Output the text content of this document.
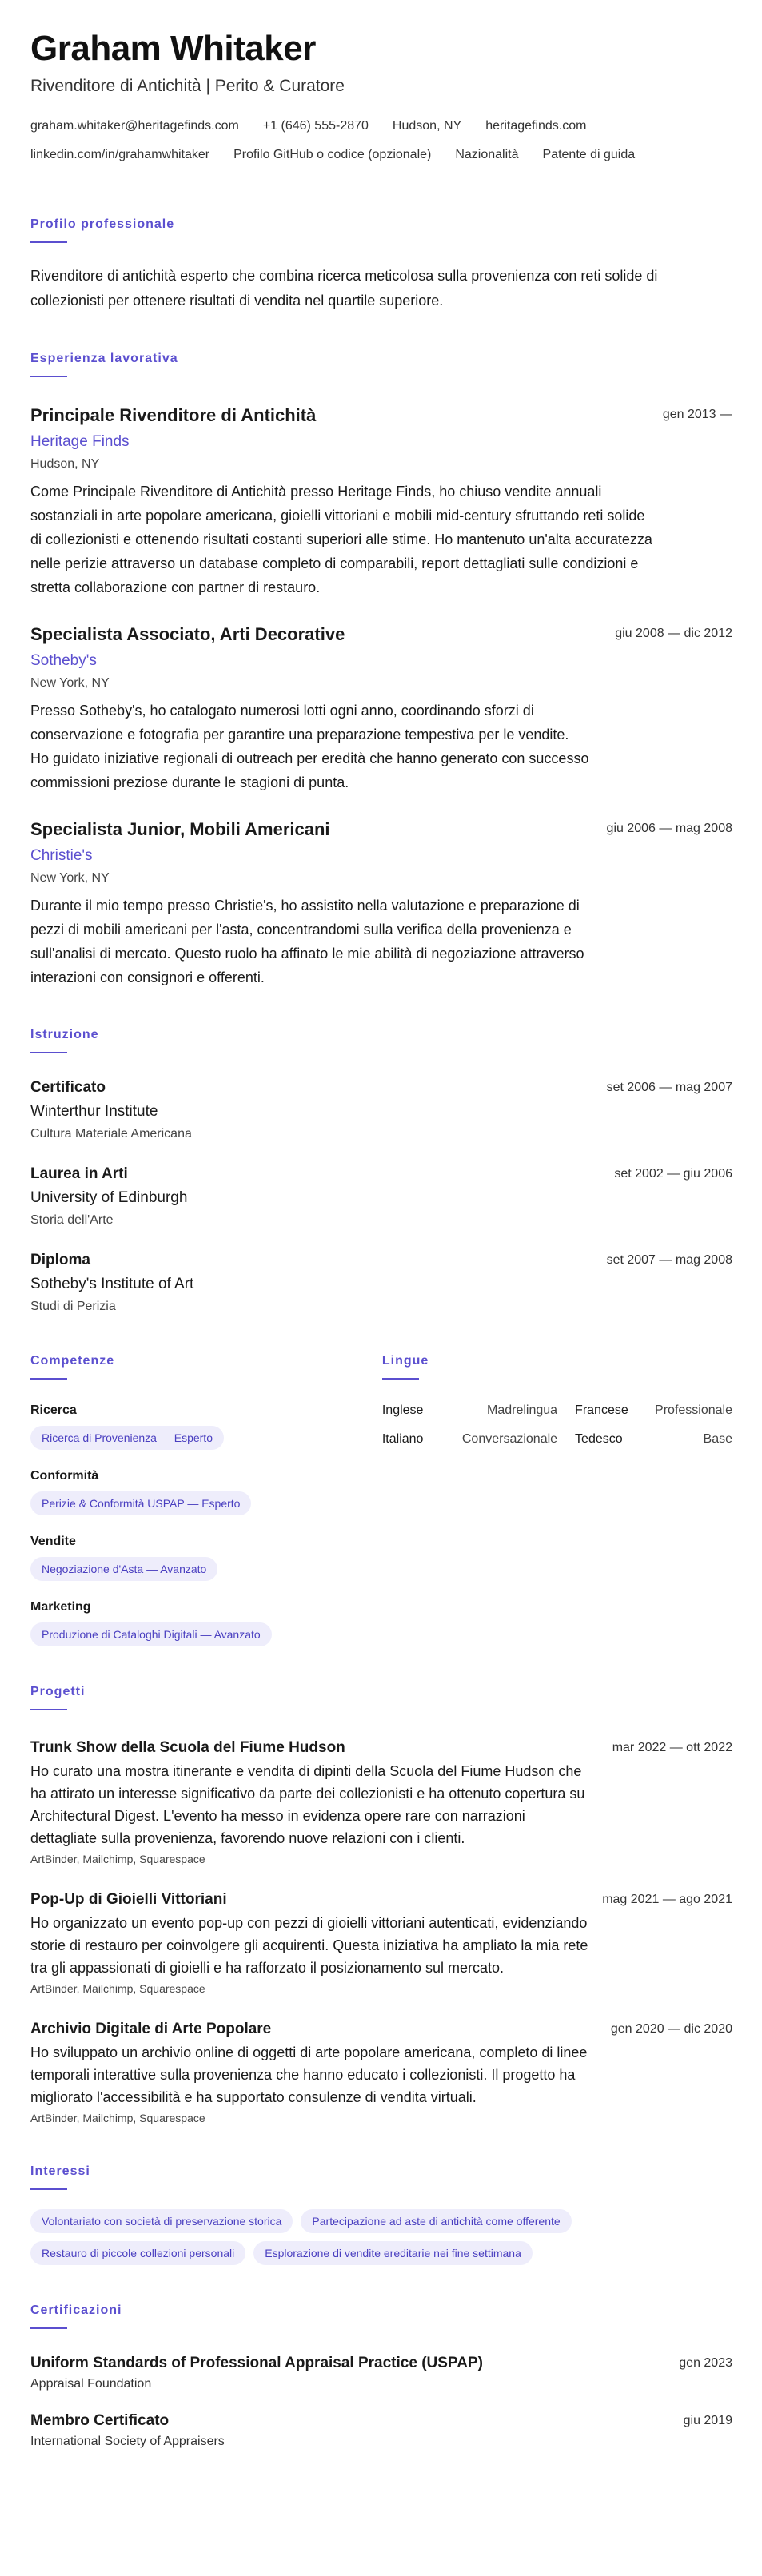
Graham Whitaker
Rivenditore di Antichità | Perito & Curatore
graham.whitaker@heritagefinds.com +1 (646) 555-2870 Hudson, NY heritagefinds.com
linkedin.com/in/grahamwhitaker Profilo GitHub o codice (opzionale) Nazionalità Patente di guida
Profilo professionale
Rivenditore di antichità esperto che combina ricerca meticolosa sulla provenienza con reti solide di collezionisti per ottenere risultati di vendita nel quartile superiore.
Esperienza lavorativa
Principale Rivenditore di Antichità	gen 2013 —
Heritage Finds
Hudson, NY
Come Principale Rivenditore di Antichità presso Heritage Finds, ho chiuso vendite annuali sostanziali in arte popolare americana, gioielli vittoriani e mobili mid-century sfruttando reti solide di collezionisti e ottenendo risultati costanti superiori alle stime. Ho mantenuto un'alta accuratezza nelle perizie attraverso un database completo di comparabili, report dettagliati sulle condizioni e stretta collaborazione con partner di restauro.
Specialista Associato, Arti Decorative	giu 2008 — dic 2012
Sotheby's
New York, NY
Presso Sotheby's, ho catalogato numerosi lotti ogni anno, coordinando sforzi di conservazione e fotografia per garantire una preparazione tempestiva per le vendite. Ho guidato iniziative regionali di outreach per eredità che hanno generato con successo commissioni preziose durante le stagioni di punta.
Specialista Junior, Mobili Americani	giu 2006 — mag 2008
Christie's
New York, NY
Durante il mio tempo presso Christie's, ho assistito nella valutazione e preparazione di pezzi di mobili americani per l'asta, concentrandomi sulla verifica della provenienza e sull'analisi di mercato. Questo ruolo ha affinato le mie abilità di negoziazione attraverso interazioni con consignori e offerenti.
Istruzione
Certificato	set 2006 — mag 2007
Winterthur Institute
Cultura Materiale Americana
Laurea in Arti	set 2002 — giu 2006
University of Edinburgh
Storia dell'Arte
Diploma	set 2007 — mag 2008
Sotheby's Institute of Art
Studi di Perizia
Competenze
Ricerca
Ricerca di Provenienza — Esperto
Conformità
Perizie & Conformità USPAP — Esperto
Vendite
Negoziazione d'Asta — Avanzato
Marketing
Produzione di Cataloghi Digitali — Avanzato
Lingue
Inglese	Madrelingua	Francese	Professionale
Italiano	Conversazionale	Tedesco	Base
Progetti
Trunk Show della Scuola del Fiume Hudson	mar 2022 — ott 2022
Ho curato una mostra itinerante e vendita di dipinti della Scuola del Fiume Hudson che ha attirato un interesse significativo da parte dei collezionisti e ha ottenuto copertura su Architectural Digest. L'evento ha messo in evidenza opere rare con narrazioni dettagliate sulla provenienza, favorendo nuove relazioni con i clienti.
ArtBinder, Mailchimp, Squarespace
Pop-Up di Gioielli Vittoriani	mag 2021 — ago 2021
Ho organizzato un evento pop-up con pezzi di gioielli vittoriani autenticati, evidenziando storie di restauro per coinvolgere gli acquirenti. Questa iniziativa ha ampliato la mia rete tra gli appassionati di gioielli e ha rafforzato il posizionamento sul mercato.
ArtBinder, Mailchimp, Squarespace
Archivio Digitale di Arte Popolare	gen 2020 — dic 2020
Ho sviluppato un archivio online di oggetti di arte popolare americana, completo di linee temporali interattive sulla provenienza che hanno educato i collezionisti. Il progetto ha migliorato l'accessibilità e ha supportato consulenze di vendita virtuali.
ArtBinder, Mailchimp, Squarespace
Interessi
Volontariato con società di preservazione storica	Partecipazione ad aste di antichità come offerente
Restauro di piccole collezioni personali	Esplorazione di vendite ereditarie nei fine settimana
Certificazioni
Uniform Standards of Professional Appraisal Practice (USPAP)	gen 2023
Appraisal Foundation
Membro Certificato	giu 2019
International Society of Appraisers
